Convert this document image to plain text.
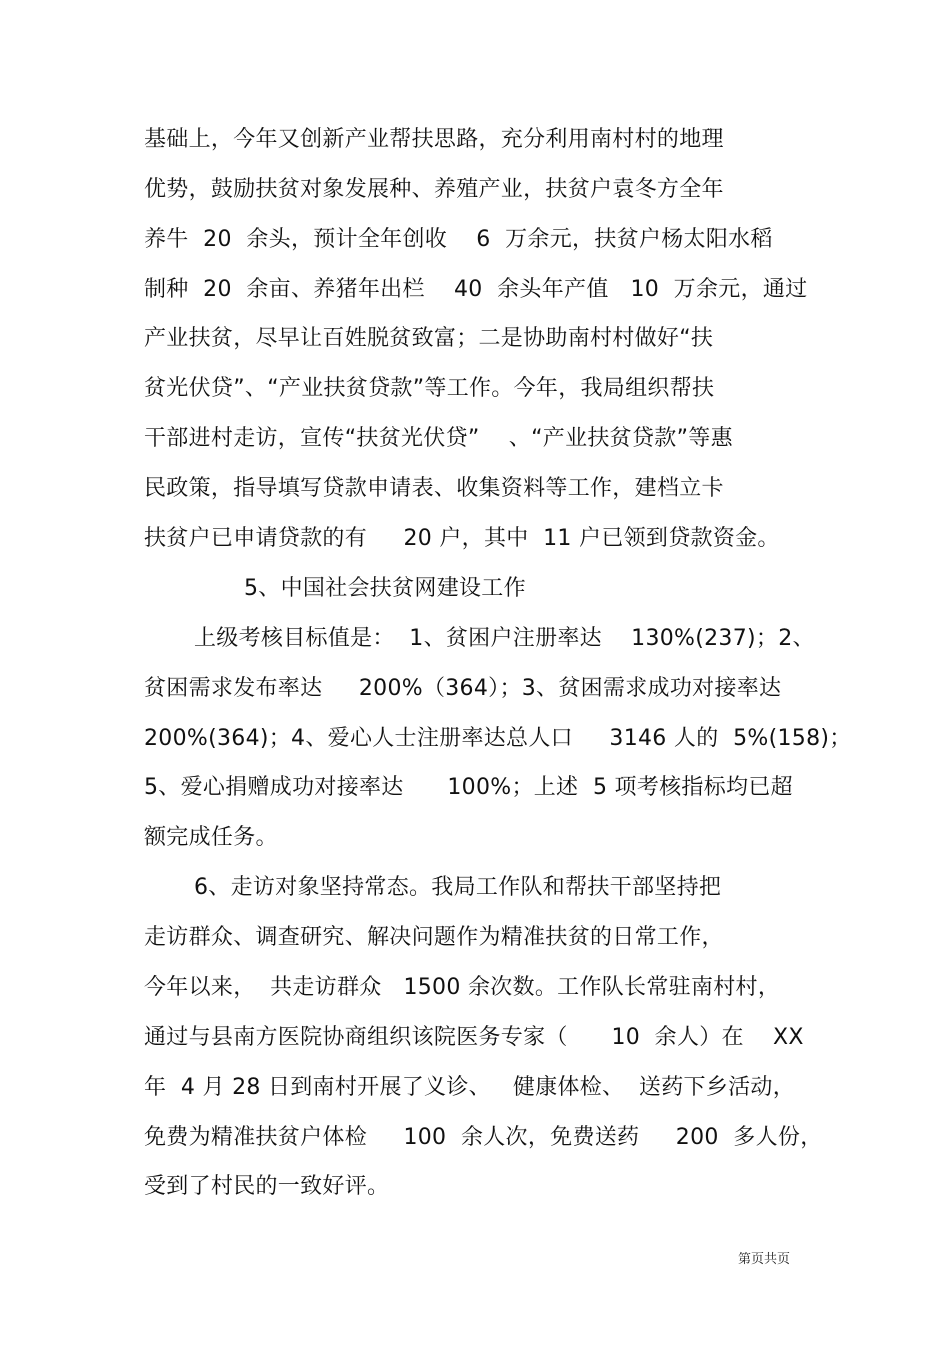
基础上，今年又创新产业帮扶思路，充分利用南村村的地理
优势，鼓励扶贫对象发展种、养殖产业，扶贫户袁冬方全年
养牛  20  余头，预计全年创收    6  万余元，扶贫户杨太阳水稻
制种  20  余亩、养猪年出栏    40  余头年产值   10  万余元，通过
产业扶贫，尽早让百姓脱贫致富；二是协助南村村做好“扶
贫光伏贷”、“产业扶贫贷款”等工作。今年，我局组织帮扶
干部进村走访，宣传“扶贫光伏贷”    、“产业扶贫贷款”等惠
民政策，指导填写贷款申请表、收集资料等工作，建档立卡
扶贫户已申请贷款的有     20 户，其中  11 户已领到贷款资金。
5、中国社会扶贫网建设工作
上级考核目标值是：  1、贫困户注册率达    130%(237)；2、
贫困需求发布率达     200%（364）；3、贫困需求成功对接率达
200%(364)；4、爱心人士注册率达总人口     3146 人的  5%(158)；
5、爱心捐赠成功对接率达      100%；上述  5 项考核指标均已超
额完成任务。
6、走访对象坚持常态。我局工作队和帮扶干部坚持把
走访群众、调查研究、解决问题作为精准扶贫的日常工作，
今年以来，  共走访群众   1500 余次数。工作队长常驻南村村，
通过与县南方医院协商组织该院医务专家（      10  余人）在    XX
年  4 月 28 日到南村开展了义诊、   健康体检、  送药下乡活动，
免费为精准扶贫户体检     100  余人次，免费送药     200  多人份，
受到了村民的一致好评。
第页共页
